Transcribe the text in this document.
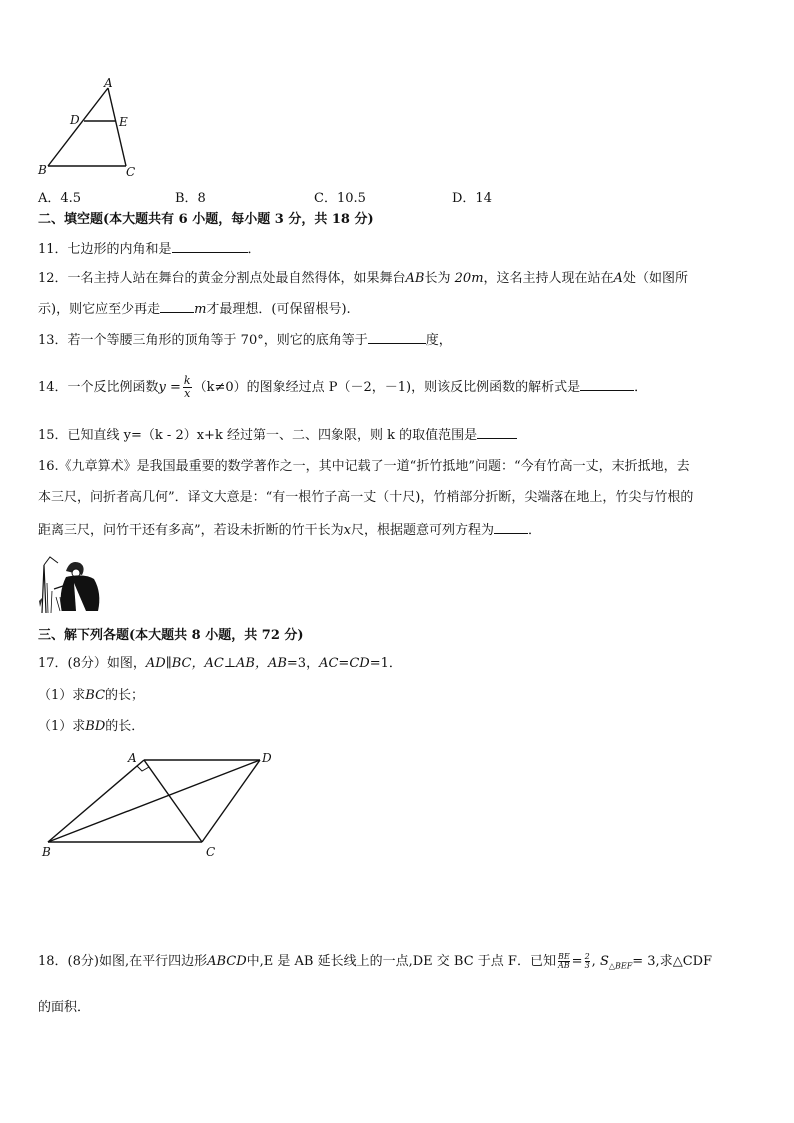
A
D	E
B	C
A．4.5	B．8	C．10.5	D．14
二、填空题(本大题共有 6 小题，每小题 3 分，共 18 分)
11．七边形的内角和是	．
12．一名主持人站在舞台的黄金分割点处最自然得体，如果舞台AB长为 20m，这名主持人现在站在A处（如图所
示)，则它应至少再走	m才最理想．(可保留根号).
13．若一个等腰三角形的顶角等于 70°，则它的底角等于	度，
14．一个反比例函数$y = \frac{k}{x} (k\ne 0)$的图象经过点 P（－2，－1)，则该反比例函数的解析式是	．
15．已知直线 y=（k - 2）x+k 经过第一、二、四象限，则 k 的取值范围是
16.《九章算术》是我国最重要的数学著作之一，其中记载了一道“折竹抵地”问题：“今有竹高一丈，末折抵地，去
本三尺，问折者高几何”．译文大意是：“有一根竹子高一丈（十尺)，竹梢部分折断，尖端落在地上，竹尖与竹根的
距离三尺，问竹干还有多高”，若设未折断的竹干长为x尺，根据题意可列方程为	．
三、解下列各题(本大题共 8 小题，共 72 分)
17．(8分）如图，AD∥BC，AC⊥AB，AB=3，AC=CD=1．
（1）求BC的长；
（1）求BD的长．
A	D
B	C
18．(8分)如图,在平行四边形ABCD中,E 是 AB 延长线上的一点,DE 交 BC 于点 F．已知 $\frac{BE}{AB} = \frac{2}{3}$ , $S_{\triangle BEF}= 3$,求△CDF
的面积．
